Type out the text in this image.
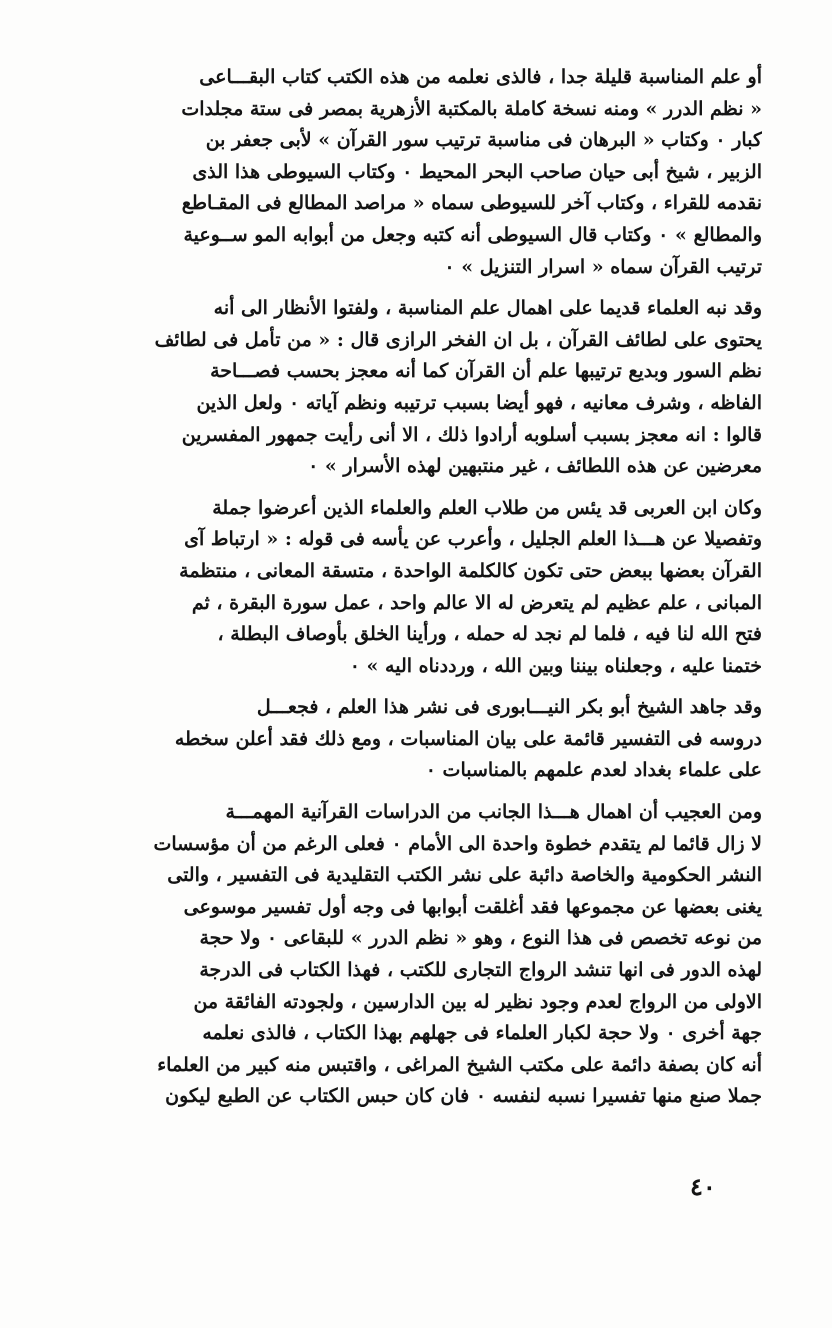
أو علم المناسبة قليلة جدا ، فالذى نعلمه من هذه الكتب كتاب البقـــاعى
« نظم الدرر » ومنه نسخة كاملة بالمكتبة الأزهرية بمصر فى ستة مجلدات
كبار ٠ وكتاب « البرهان فى مناسبة ترتيب سور القرآن » لأبى جعفر بن
الزبير ، شيخ أبى حيان صاحب البحر المحيط ٠ وكتاب السيوطى هذا الذى
نقدمه للقراء ، وكتاب آخر للسيوطى سماه « مراصد المطالع فى المقـاطع
والمطالع » ٠ وكتاب قال السيوطى أنه كتبه وجعل من أبوابه المو ســوعية
ترتيب القرآن سماه « اسرار التنزيل » ٠
وقد نبه العلماء قديما على اهمال علم المناسبة ، ولفتوا الأنظار الى أنه
يحتوى على لطائف القرآن ، بل ان الفخر الرازى قال : « من تأمل فى لطائف
نظم السور وبديع ترتيبها علم أن القرآن كما أنه معجز بحسب فصـــاحة
الفاظه ، وشرف معانيه ، فهو أيضا بسبب ترتيبه ونظم آياته ٠ ولعل الذين
قالوا : انه معجز بسبب أسلوبه أرادوا ذلك ، الا أنى رأيت جمهور المفسرين
معرضين عن هذه اللطائف ، غير منتبهين لهذه الأسرار » ٠
وكان ابن العربى قد يئس من طلاب العلم والعلماء الذين أعرضوا جملة
وتفصيلا عن هـــذا العلم الجليل ، وأعرب عن يأسه فى قوله : « ارتباط آى
القرآن بعضها ببعض حتى تكون كالكلمة الواحدة ، متسقة المعانى ، منتظمة
المبانى ، علم عظيم لم يتعرض له الا عالم واحد ، عمل سورة البقرة ، ثم
فتح الله لنا فيه ، فلما لم نجد له حمله ، ورأينا الخلق بأوصاف البطلة ،
ختمنا عليه ، وجعلناه بيننا وبين الله ، ورددناه اليه » ٠
وقد جاهد الشيخ أبو بكر النيـــابورى فى نشر هذا العلم ، فجعـــل
دروسه فى التفسير قائمة على بيان المناسبات ، ومع ذلك فقد أعلن سخطه
على علماء بغداد لعدم علمهم بالمناسبات ٠
ومن العجيب أن اهمال هـــذا الجانب من الدراسات القرآنية المهمـــة
لا زال قائما لم يتقدم خطوة واحدة الى الأمام ٠ فعلى الرغم من أن مؤسسات
النشر الحكومية والخاصة دائبة على نشر الكتب التقليدية فى التفسير ، والتى
يغنى بعضها عن مجموعها فقد أغلقت أبوابها فى وجه أول تفسير موسوعى
من نوعه تخصص فى هذا النوع ، وهو « نظم الدرر » للبقاعى ٠ ولا حجة
لهذه الدور فى انها تنشد الرواج التجارى للكتب ، فهذا الكتاب فى الدرجة
الاولى من الرواج لعدم وجود نظير له بين الدارسين ، ولجودته الفائقة من
جهة أخرى ٠ ولا حجة لكبار العلماء فى جهلهم بهذا الكتاب ، فالذى نعلمه
أنه كان بصفة دائمة على مكتب الشيخ المراغى ، واقتبس منه كبير من العلماء
جملا صنع منها تفسيرا نسبه لنفسه ٠ فان كان حبس الكتاب عن الطبع ليكون
٤٠
